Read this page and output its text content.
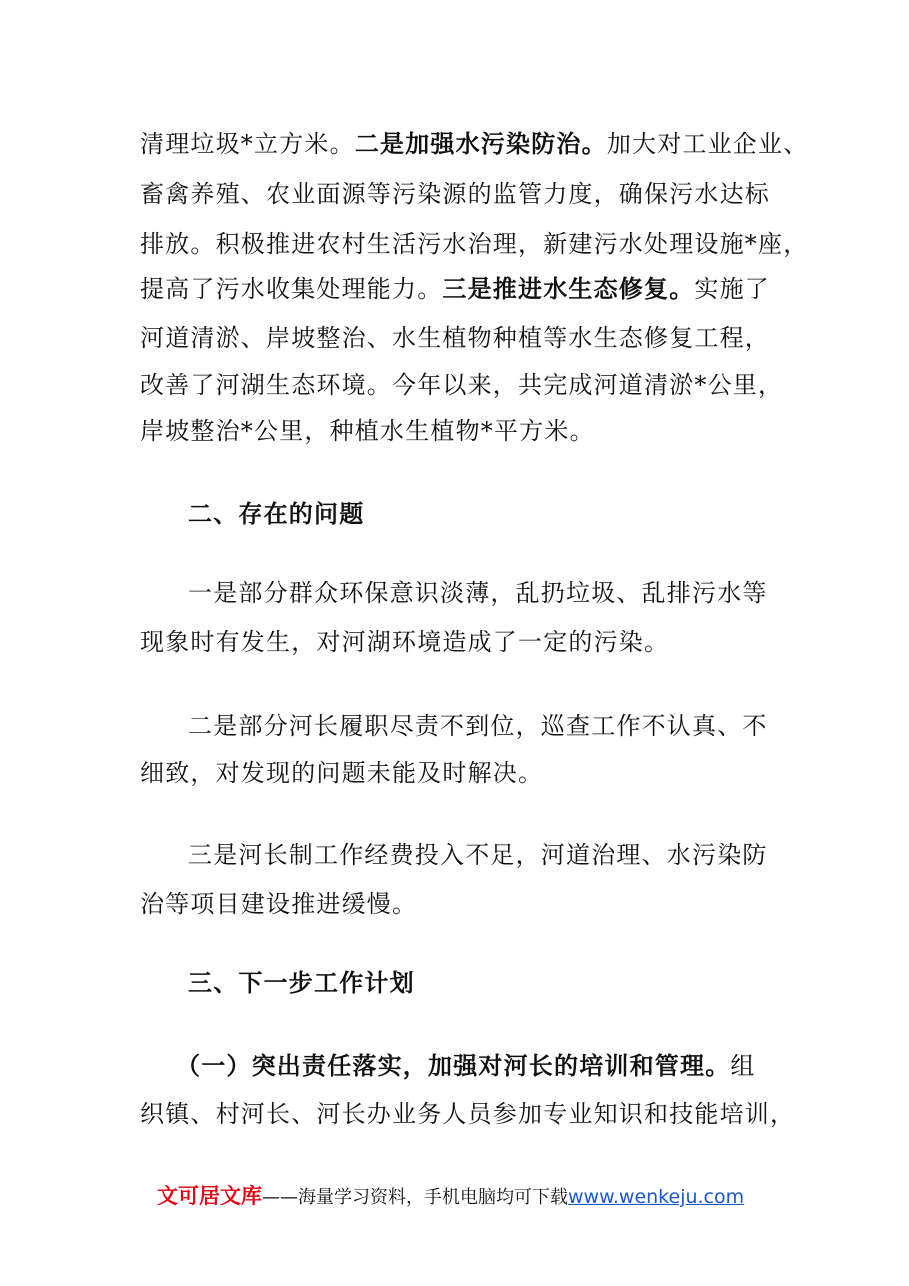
清理垃圾*立方米。二是加强水污染防治。加大对工业企业、
畜禽养殖、农业面源等污染源的监管力度，确保污水达标
排放。积极推进农村生活污水治理，新建污水处理设施*座，
提高了污水收集处理能力。三是推进水生态修复。实施了
河道清淤、岸坡整治、水生植物种植等水生态修复工程，
改善了河湖生态环境。今年以来，共完成河道清淤*公里，
岸坡整治*公里，种植水生植物*平方米。
二、存在的问题
一是部分群众环保意识淡薄，乱扔垃圾、乱排污水等
现象时有发生，对河湖环境造成了一定的污染。
二是部分河长履职尽责不到位，巡查工作不认真、不
细致，对发现的问题未能及时解决。
三是河长制工作经费投入不足，河道治理、水污染防
治等项目建设推进缓慢。
三、下一步工作计划
（一）突出责任落实，加强对河长的培训和管理。组
织镇、村河长、河长办业务人员参加专业知识和技能培训，
文可居文库——海量学习资料，手机电脑均可下载www.wenkeju.com
